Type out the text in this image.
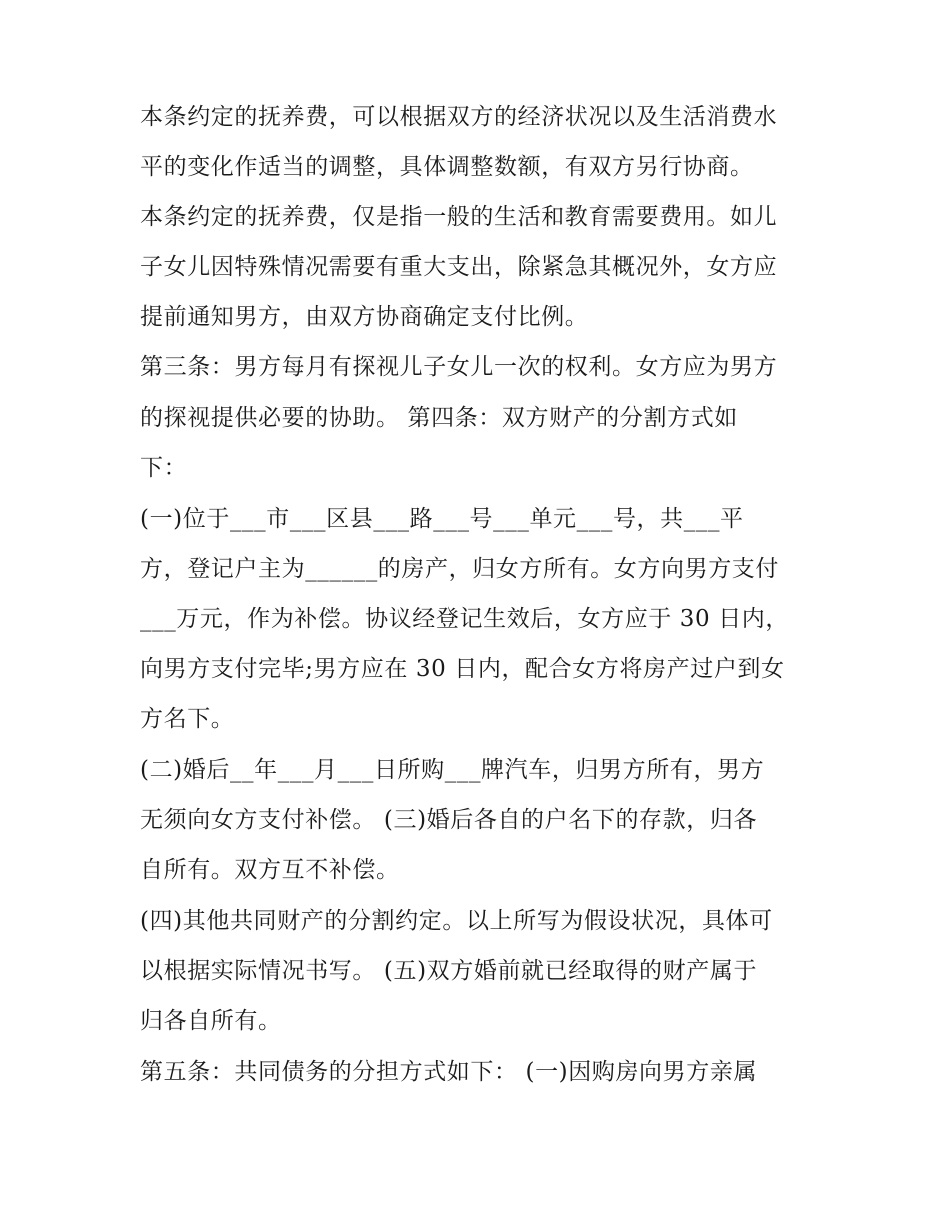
本条约定的抚养费，可以根据双方的经济状况以及生活消费水
平的变化作适当的调整，具体调整数额，有双方另行协商。
本条约定的抚养费，仅是指一般的生活和教育需要费用。如儿
子女儿因特殊情况需要有重大支出，除紧急其概况外，女方应
提前通知男方，由双方协商确定支付比例。
第三条：男方每月有探视儿子女儿一次的权利。女方应为男方
的探视提供必要的协助。 第四条：双方财产的分割方式如
下：
(一)位于___市___区县___路___号___单元___号，共___平
方，登记户主为______的房产，归女方所有。女方向男方支付
___万元，作为补偿。协议经登记生效后，女方应于 30 日内，
向男方支付完毕;男方应在 30 日内，配合女方将房产过户到女
方名下。
(二)婚后__年___月___日所购___牌汽车，归男方所有，男方
无须向女方支付补偿。 (三)婚后各自的户名下的存款，归各
自所有。双方互不补偿。
(四)其他共同财产的分割约定。以上所写为假设状况，具体可
以根据实际情况书写。 (五)双方婚前就已经取得的财产属于
归各自所有。
第五条：共同债务的分担方式如下： (一)因购房向男方亲属
